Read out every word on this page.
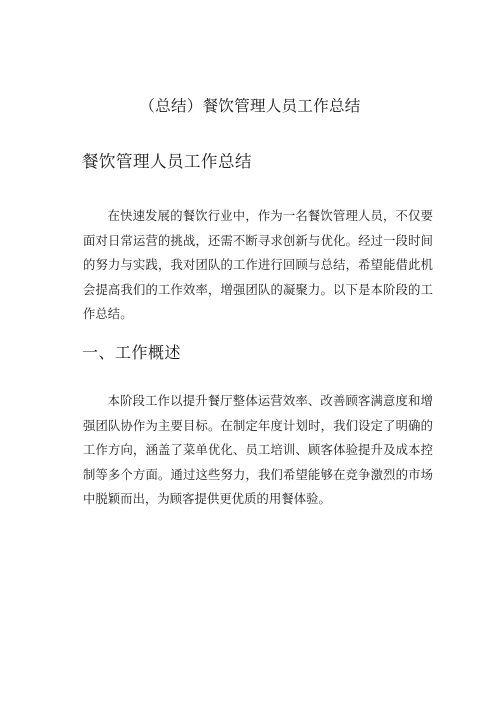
（总结）餐饮管理人员工作总结
餐饮管理人员工作总结

在快速发展的餐饮行业中，作为一名餐饮管理人员，不仅要面对日常运营的挑战，还需不断寻求创新与优化。经过一段时间的努力与实践，我对团队的工作进行回顾与总结，希望能借此机会提高我们的工作效率，增强团队的凝聚力。以下是本阶段的工作总结。

一、工作概述

本阶段工作以提升餐厅整体运营效率、改善顾客满意度和增强团队协作为主要目标。在制定年度计划时，我们设定了明确的工作方向，涵盖了菜单优化、员工培训、顾客体验提升及成本控制等多个方面。通过这些努力，我们希望能够在竞争激烈的市场中脱颖而出，为顾客提供更优质的用餐体验。
